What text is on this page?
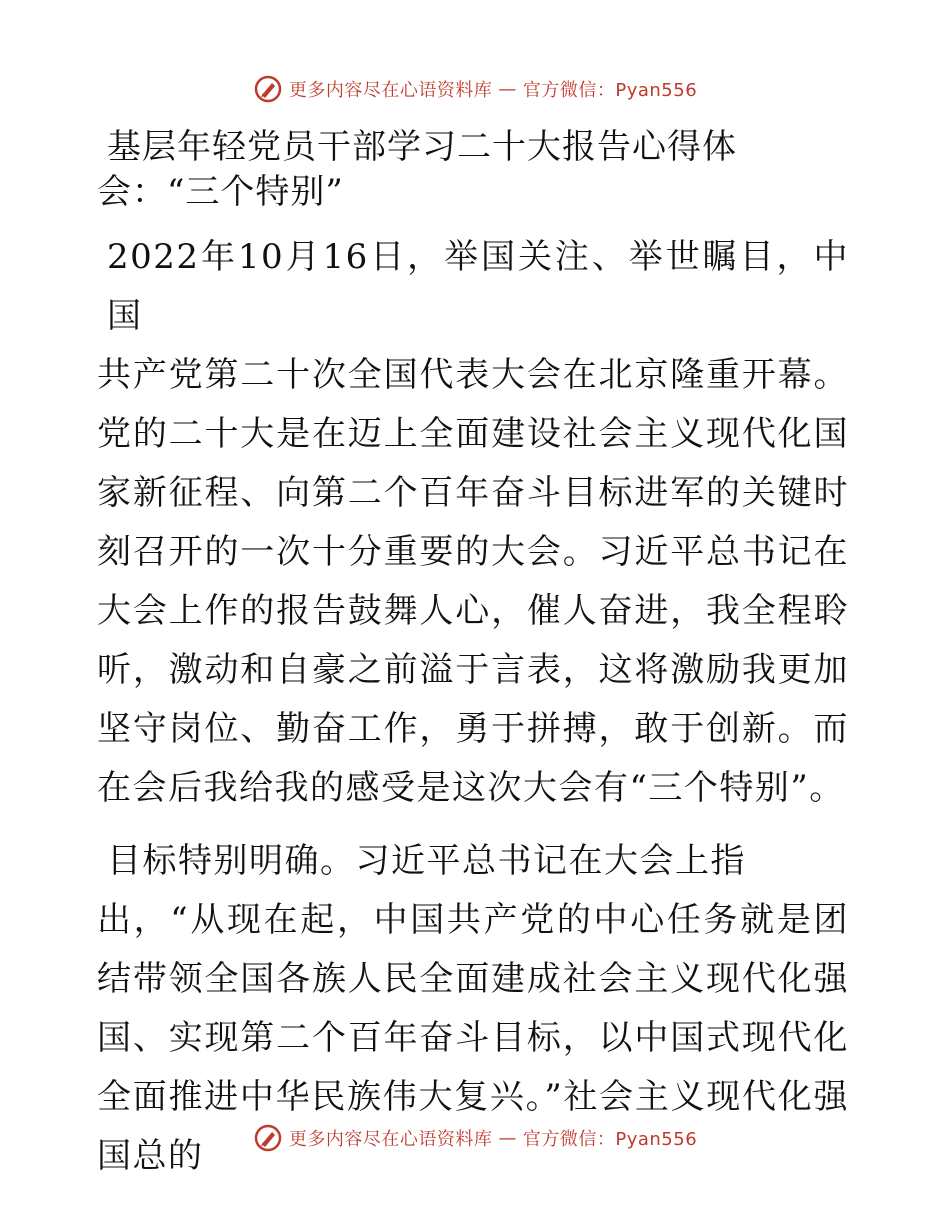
更多内容尽在心语资料库 — 官方微信：Pyan556
基层年轻党员干部学习二十大报告心得体
会：“三个特别”

2022年10月16日，举国关注、举世瞩目，中国共产党第二十次全国代表大会在北京隆重开幕。党的二十大是在迈上全面建设社会主义现代化国家新征程、向第二个百年奋斗目标进军的关键时刻召开的一次十分重要的大会。习近平总书记在大会上作的报告鼓舞人心，催人奋进，我全程聆听，激动和自豪之前溢于言表，这将激励我更加坚守岗位、勤奋工作，勇于拼搏，敢于创新。而在会后我给我的感受是这次大会有“三个特别”。

目标特别明确。习近平总书记在大会上指
出，“从现在起，中国共产党的中心任务就是团结带领全国各族人民全面建成社会主义现代化强国、实现第二个百年奋斗目标，以中国式现代化全面推进中华民族伟大复兴。”社会主义现代化强国总的	更多内容尽在心语资料库 — 官方微信：Pyan556
